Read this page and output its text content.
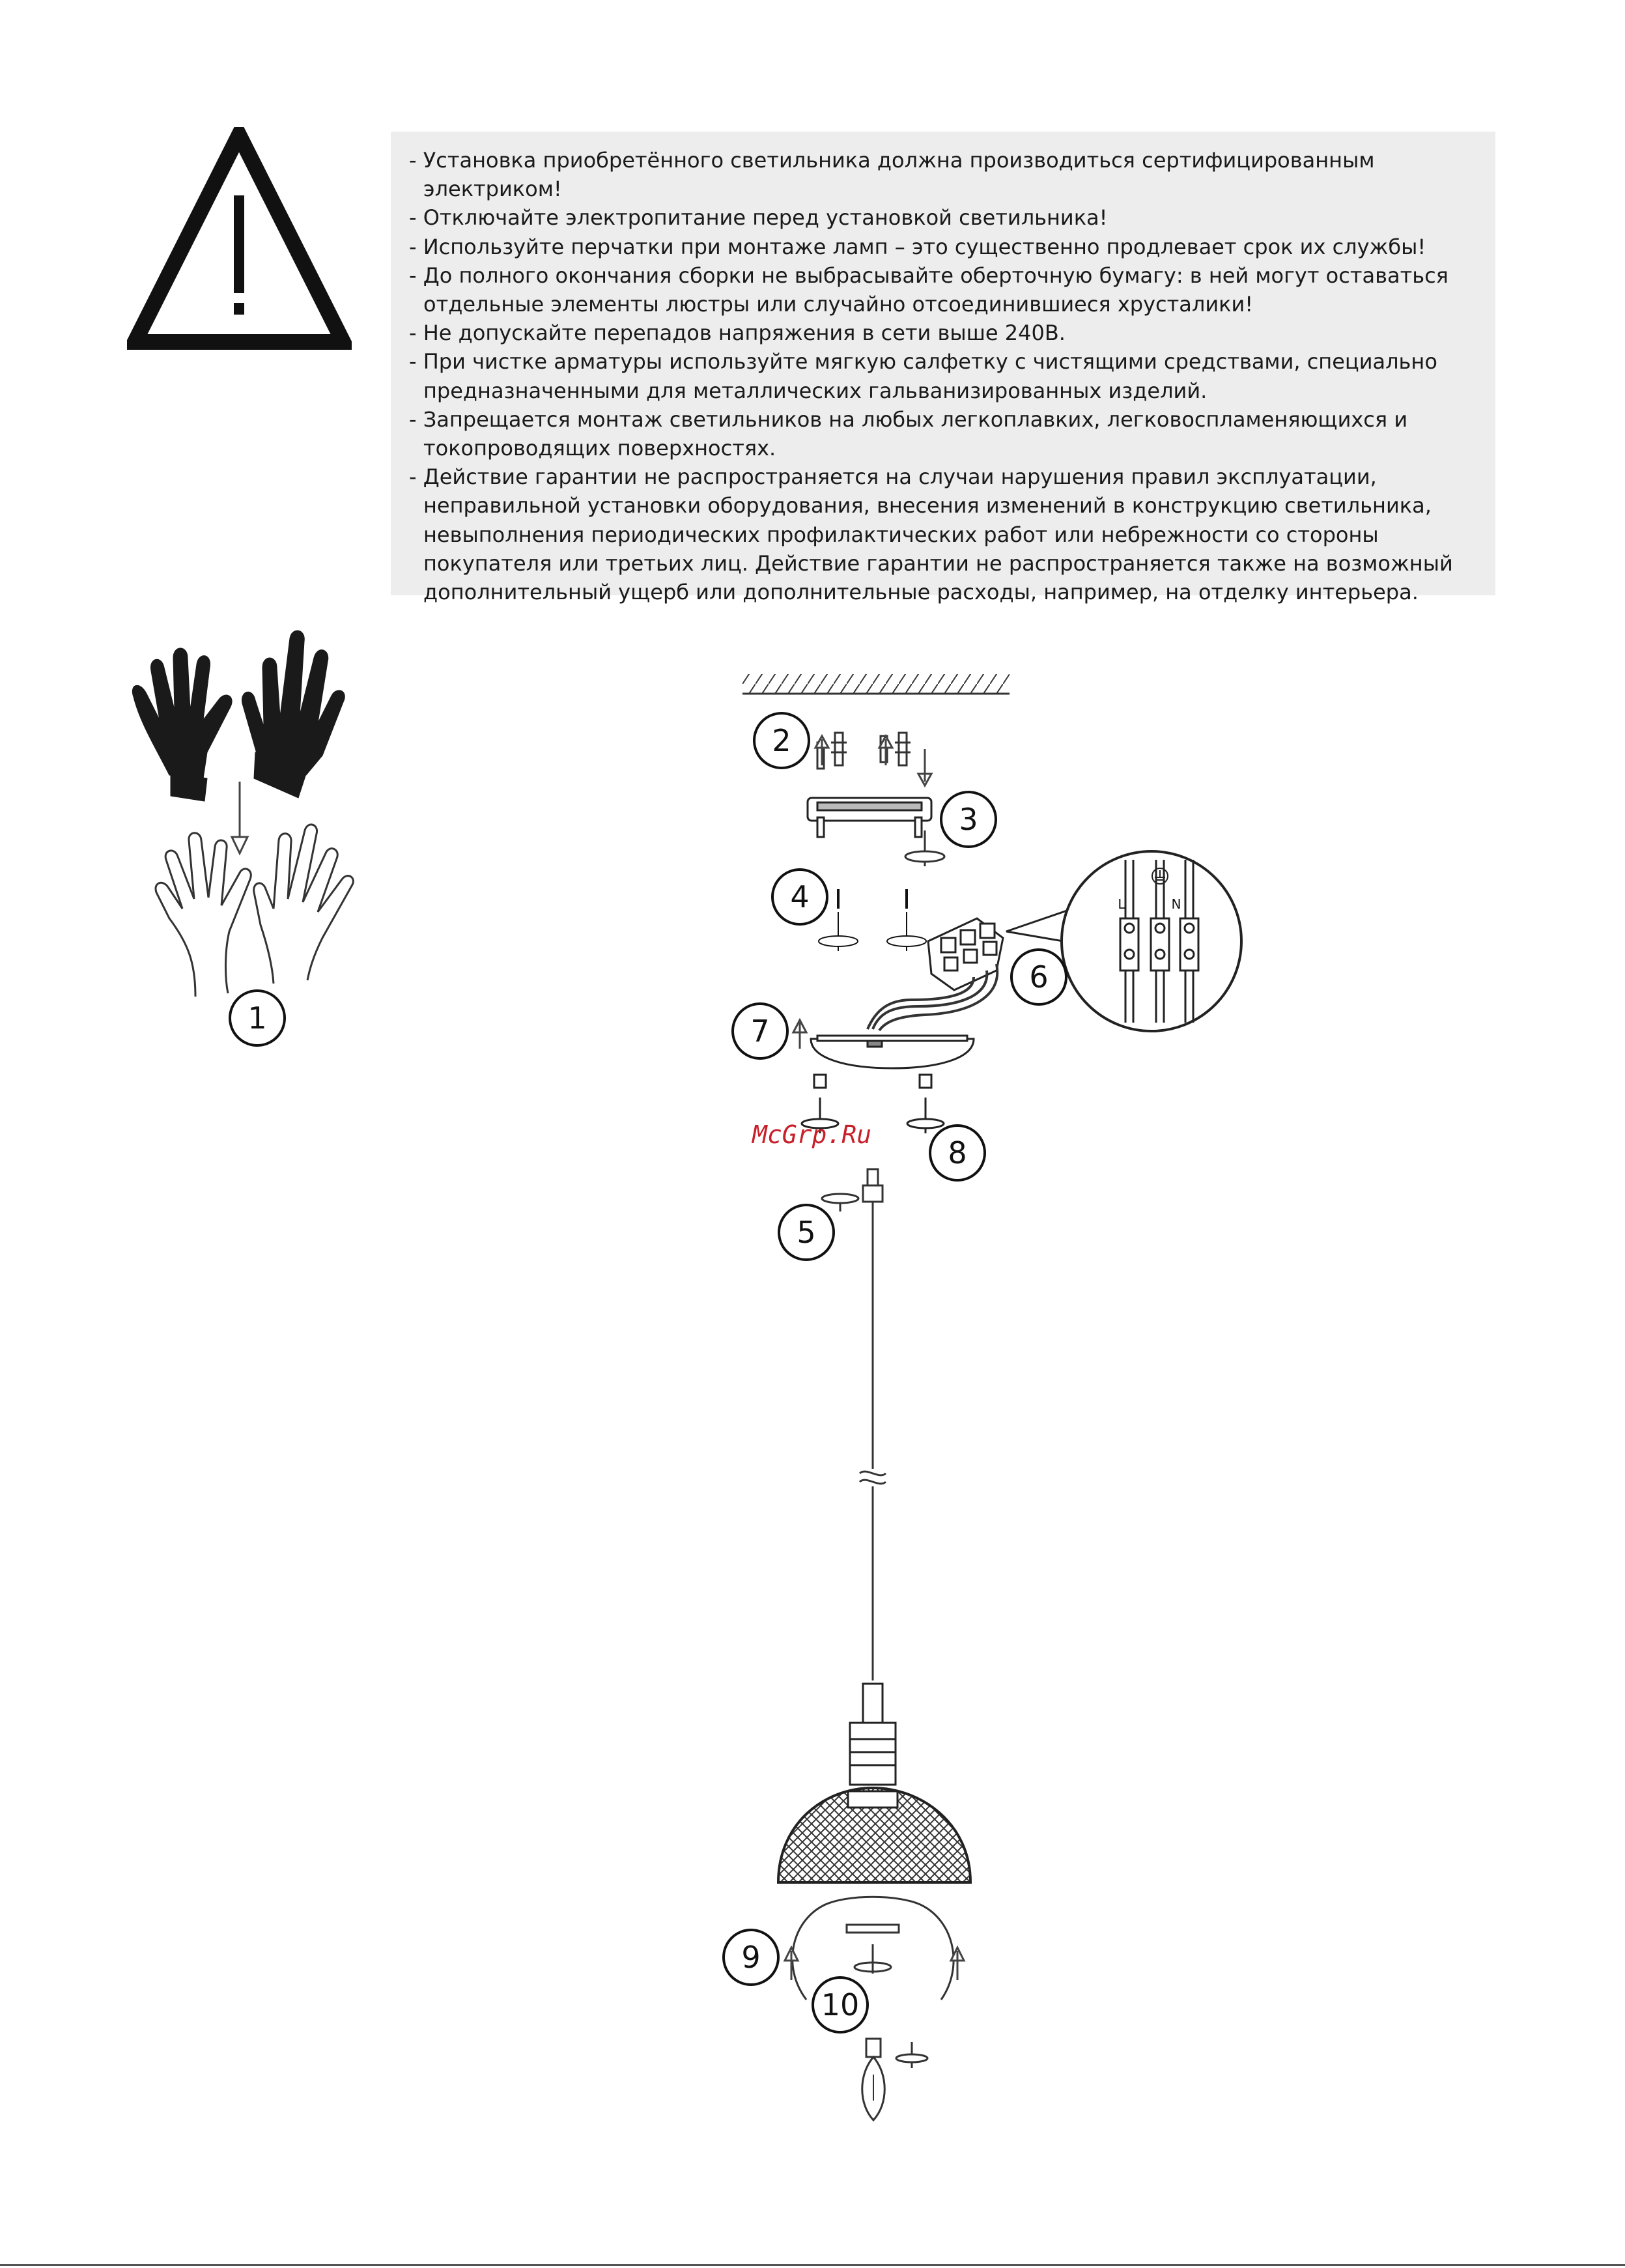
- Установка приобретённого светильника должна производиться сертифицированным электриком!
- Отключайте электропитание перед установкой светильника!
- Используйте перчатки при монтаже ламп – это существенно продлевает срок их службы!
- До полного окончания сборки не выбрасывайте оберточную бумагу: в ней могут оставаться отдельные элементы люстры или случайно отсоединившиеся хрусталики!
- Не допускайте перепадов напряжения в сети выше 240В.
- При чистке арматуры используйте мягкую салфетку с чистящими средствами, специально предназначенными для металлических гальванизированных изделий.
- Запрещается монтаж светильников на любых легкоплавких, легковоспламеняющихся и токопроводящих поверхностях.
- Действие гарантии не распространяется на случаи нарушения правил эксплуатации, неправильной установки оборудования, внесения изменений в конструкцию светильника, невыполнения периодических профилактических работ или небрежности со стороны покупателя или третьих лиц. Действие гарантии не распространяется также на возможный дополнительный ущерб или дополнительные расходы, например, на отделку интерьера.
L	N
1
2
3
4
5
6
7
8
9
10
McGrp.Ru
